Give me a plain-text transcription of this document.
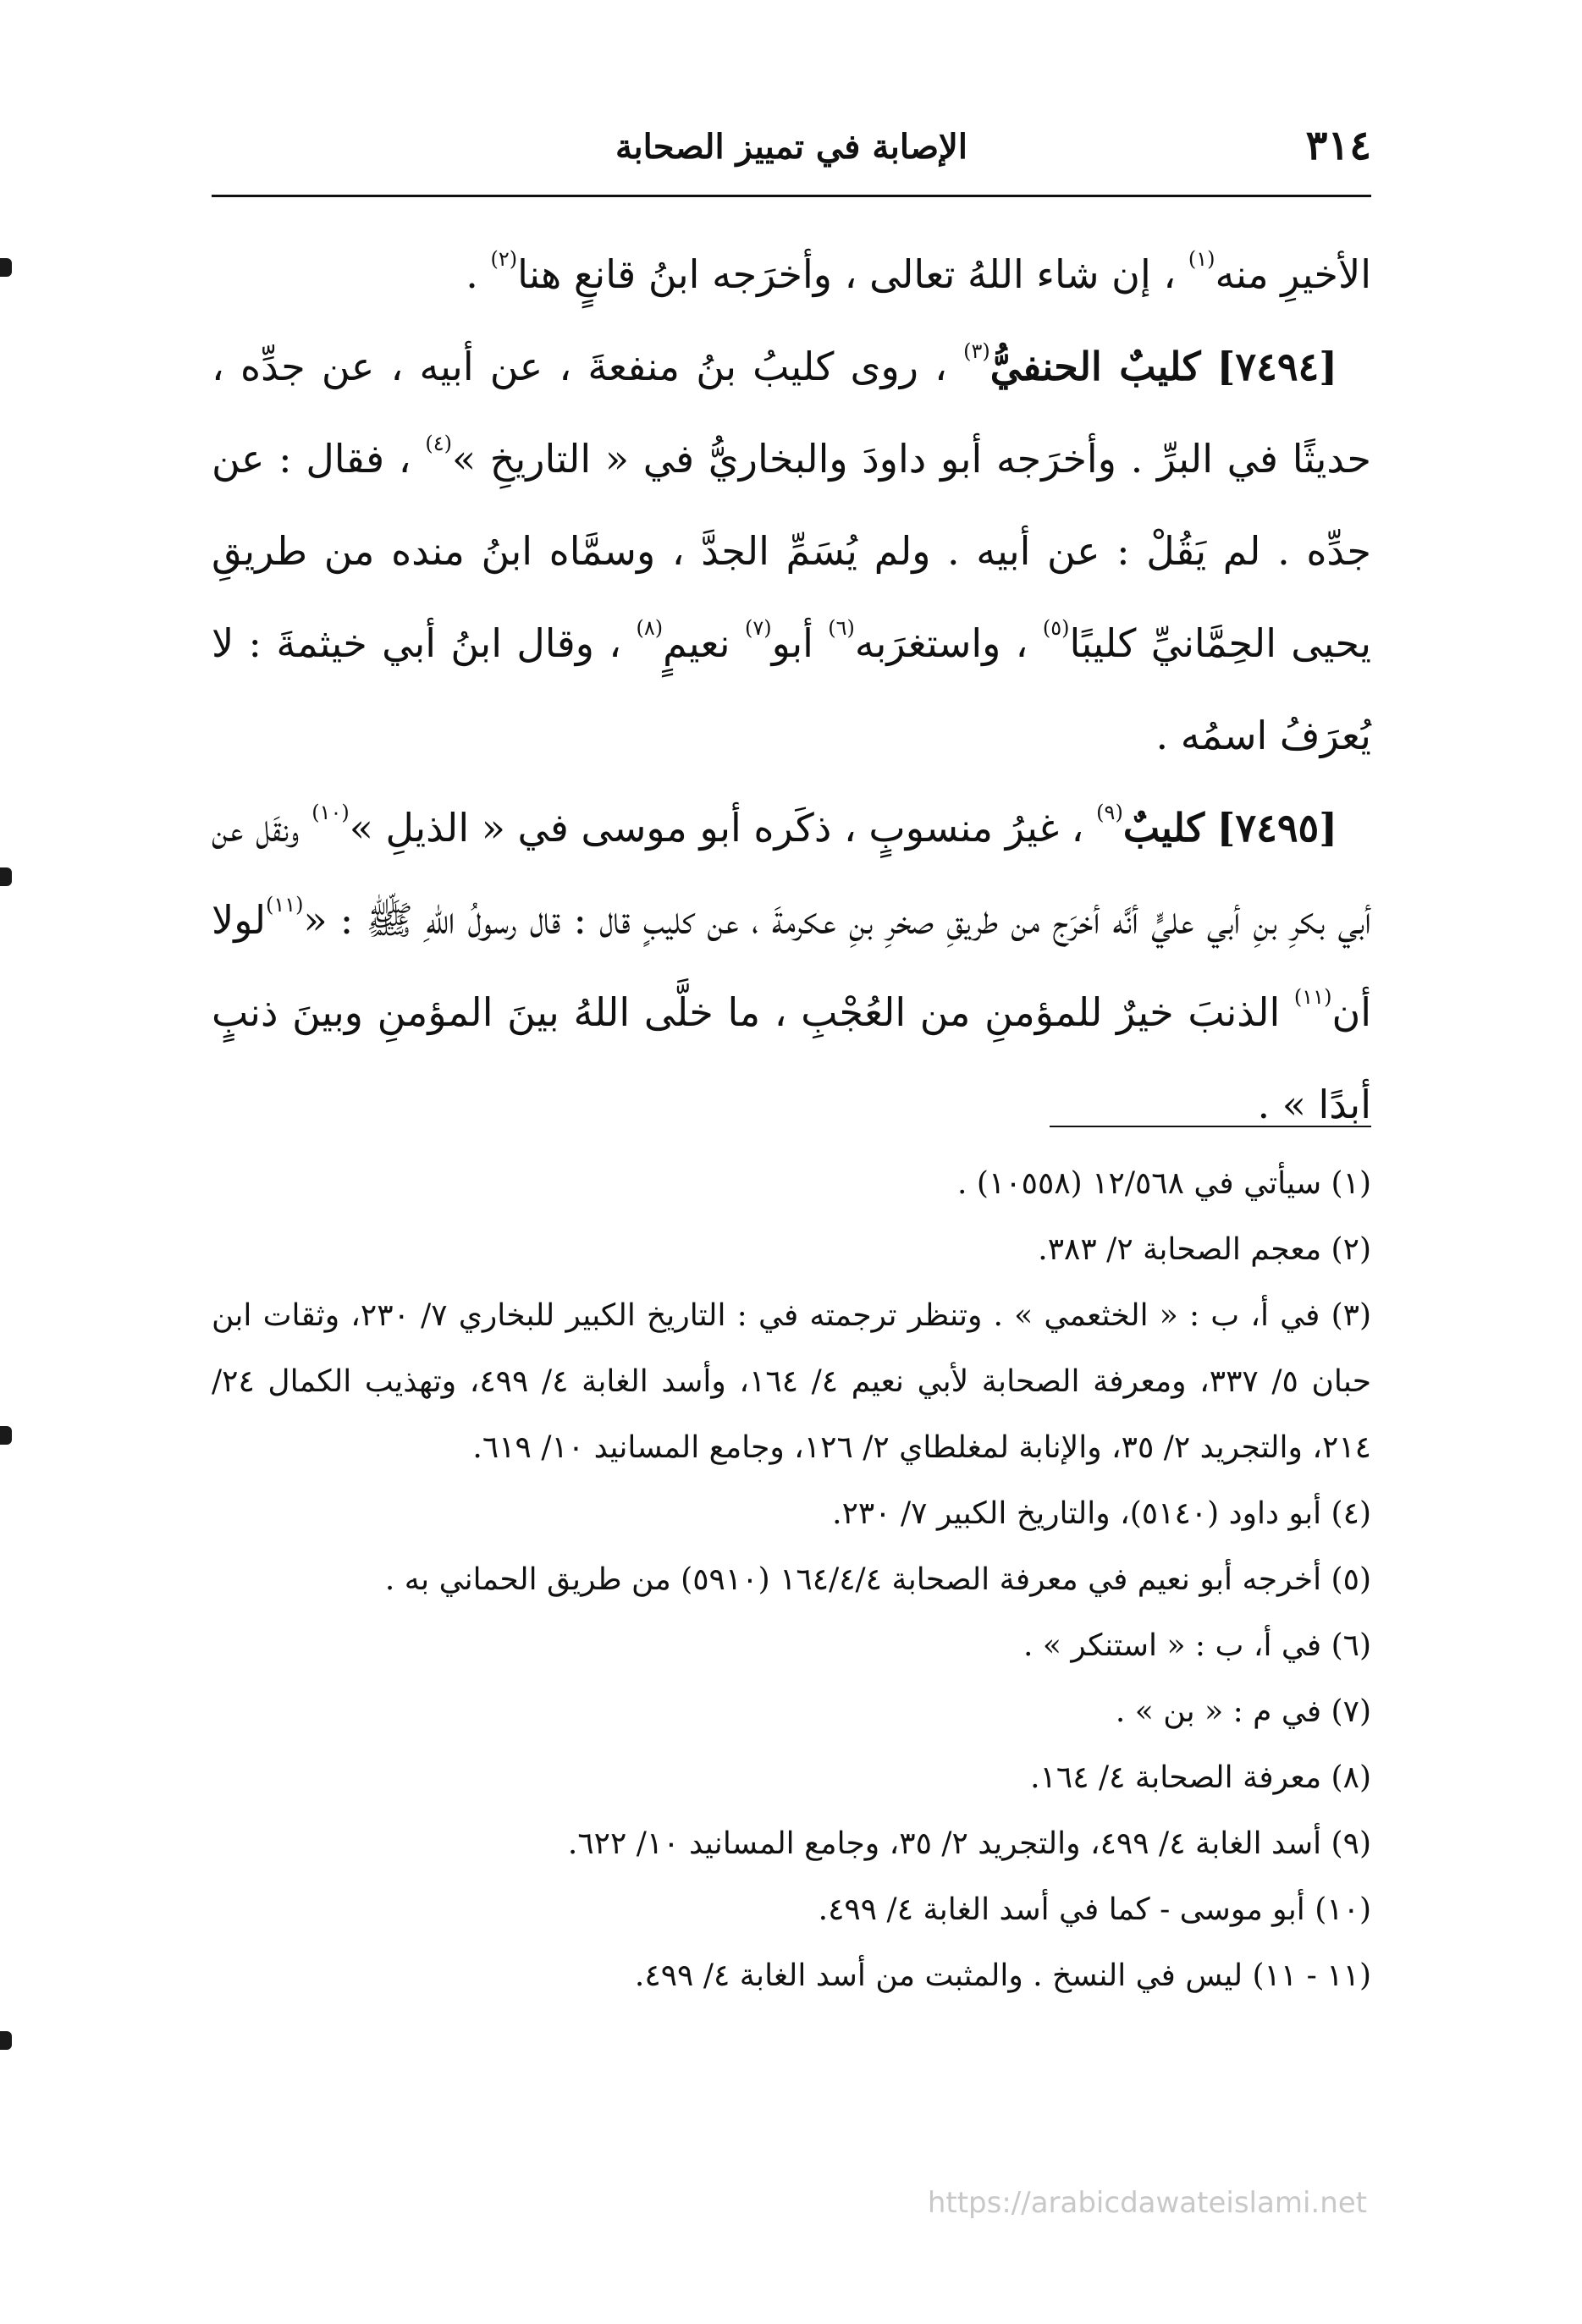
٣١٤
الإصابة في تمييز الصحابة

الأخيرِ منه$^{(١)}$ ، إن شاء اللهُ تعالى ، وأخرَجه ابنُ قانعٍ هنا$^{(٢)}$ .

[٧٤٩٤] كليبٌ الحنفيُّ$^{(٣)}$ ، روى كليبُ بنُ منفعةَ ، عن أبيه ، عن جدِّه ، حديثًا في البرِّ . وأخرَجه أبو داودَ والبخاريُّ في « التاريخِ »$^{(٤)}$ ، فقال : عن جدِّه . لم يَقُلْ : عن أبيه . ولم يُسَمِّ الجدَّ ، وسمَّاه ابنُ منده من طريقِ يحيى الحِمَّانيِّ كليبًا$^{(٥)}$ ، واستغرَبه$^{(٦)}$ أبو$^{(٧)}$ نعيمٍ$^{(٨)}$ ، وقال ابنُ أبي خيثمةَ : لا يُعرَفُ اسمُه .

[٧٤٩٥] كليبٌ$^{(٩)}$ ، غيرُ منسوبٍ ، ذكَره أبو موسى في « الذيلِ »$^{(١٠)}$ ونقَل عن أبي بكرِ بنِ أبي عليٍّ أنَّه أخرَج من طريقِ صخرِ بنِ عكرمةَ ، عن كليبٍ قال : قال رسولُ اللهِ ﷺ : «$^{(١١)}$لولا أن$^{(١١)}$ الذنبَ خيرٌ للمؤمنِ من العُجْبِ ، ما خلَّى اللهُ بينَ المؤمنِ وبينَ ذنبٍ أبدًا » .

(١) سيأتي في ١٢/٥٦٨ (١٠٥٥٨) .

(٢) معجم الصحابة ٢/ ٣٨٣.

(٣) في أ، ب : « الخثعمي » . وتنظر ترجمته في : التاريخ الكبير للبخاري ٧/ ٢٣٠، وثقات ابن حبان ٥/ ٣٣٧، ومعرفة الصحابة لأبي نعيم ٤/ ١٦٤، وأسد الغابة ٤/ ٤٩٩، وتهذيب الكمال ٢٤/ ٢١٤، والتجريد ٢/ ٣٥، والإنابة لمغلطاي ٢/ ١٢٦، وجامع المسانيد ١٠/ ٦١٩.

(٤) أبو داود (٥١٤٠)، والتاريخ الكبير ٧/ ٢٣٠.

(٥) أخرجه أبو نعيم في معرفة الصحابة ١٦٤/٤/٤ (٥٩١٠) من طريق الحماني به .

(٦) في أ، ب : « استنكر » .

(٧) في م : « بن » .

(٨) معرفة الصحابة ٤/ ١٦٤.

(٩) أسد الغابة ٤/ ٤٩٩، والتجريد ٢/ ٣٥، وجامع المسانيد ١٠/ ٦٢٢.

(١٠) أبو موسى - كما في أسد الغابة ٤/ ٤٩٩.

(١١ - ١١) ليس في النسخ . والمثبت من أسد الغابة ٤/ ٤٩٩.

https://arabicdawateislami.net
